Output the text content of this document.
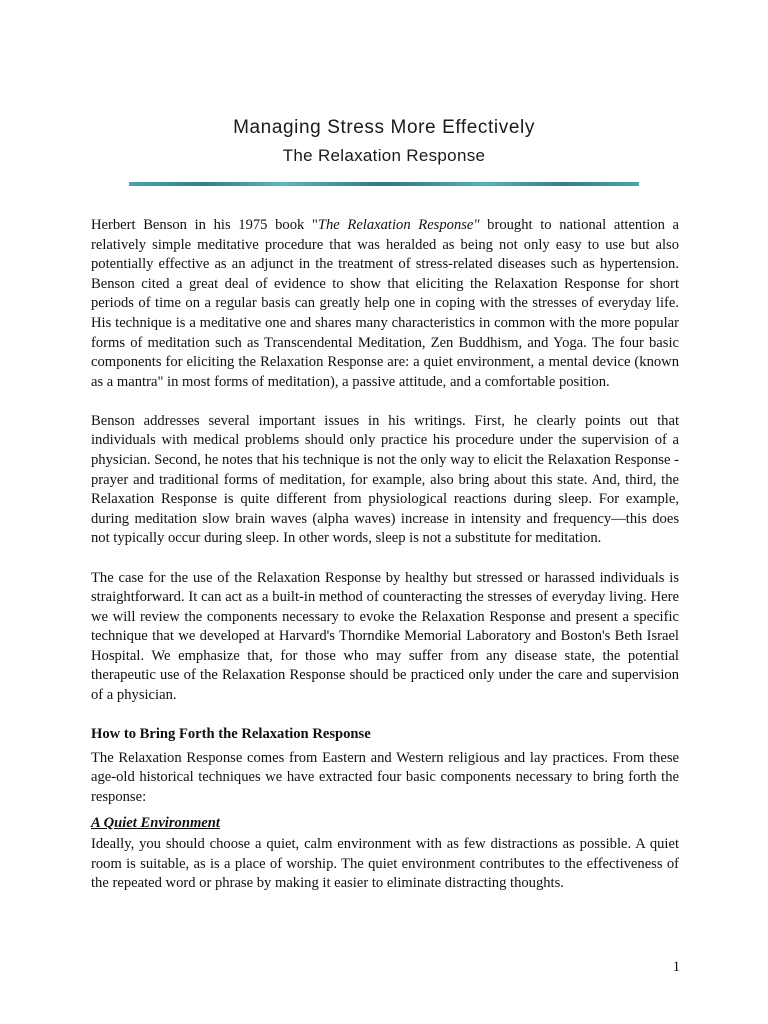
Managing Stress More Effectively
The Relaxation Response

Herbert Benson in his 1975 book "The Relaxation Response" brought to national attention a relatively simple meditative procedure that was heralded as being not only easy to use but also potentially effective as an adjunct in the treatment of stress-related diseases such as hypertension. Benson cited a great deal of evidence to show that eliciting the Relaxation Response for short periods of time on a regular basis can greatly help one in coping with the stresses of everyday life. His technique is a meditative one and shares many characteristics in common with the more popular forms of meditation such as Transcendental Meditation, Zen Buddhism, and Yoga. The four basic components for eliciting the Relaxation Response are: a quiet environment, a mental device (known as a mantra" in most forms of meditation), a passive attitude, and a comfortable position.

Benson addresses several important issues in his writings. First, he clearly points out that individuals with medical problems should only practice his procedure under the supervision of a physician. Second, he notes that his technique is not the only way to elicit the Relaxation Response - prayer and traditional forms of meditation, for example, also bring about this state. And, third, the Relaxation Response is quite different from physiological reactions during sleep. For example, during meditation slow brain waves (alpha waves) increase in intensity and frequency—this does not typically occur during sleep. In other words, sleep is not a substitute for meditation.

The case for the use of the Relaxation Response by healthy but stressed or harassed individuals is straightforward. It can act as a built-in method of counteracting the stresses of everyday living. Here we will review the components necessary to evoke the Relaxation Response and present a specific technique that we developed at Harvard's Thorndike Memorial Laboratory and Boston's Beth Israel Hospital. We emphasize that, for those who may suffer from any disease state, the potential therapeutic use of the Relaxation Response should be practiced only under the care and supervision of a physician.

How to Bring Forth the Relaxation Response

The Relaxation Response comes from Eastern and Western religious and lay practices. From these age-old historical techniques we have extracted four basic components necessary to bring forth the response:

A Quiet Environment

Ideally, you should choose a quiet, calm environment with as few distractions as possible. A quiet room is suitable, as is a place of worship. The quiet environment contributes to the effectiveness of the repeated word or phrase by making it easier to eliminate distracting thoughts.

1
